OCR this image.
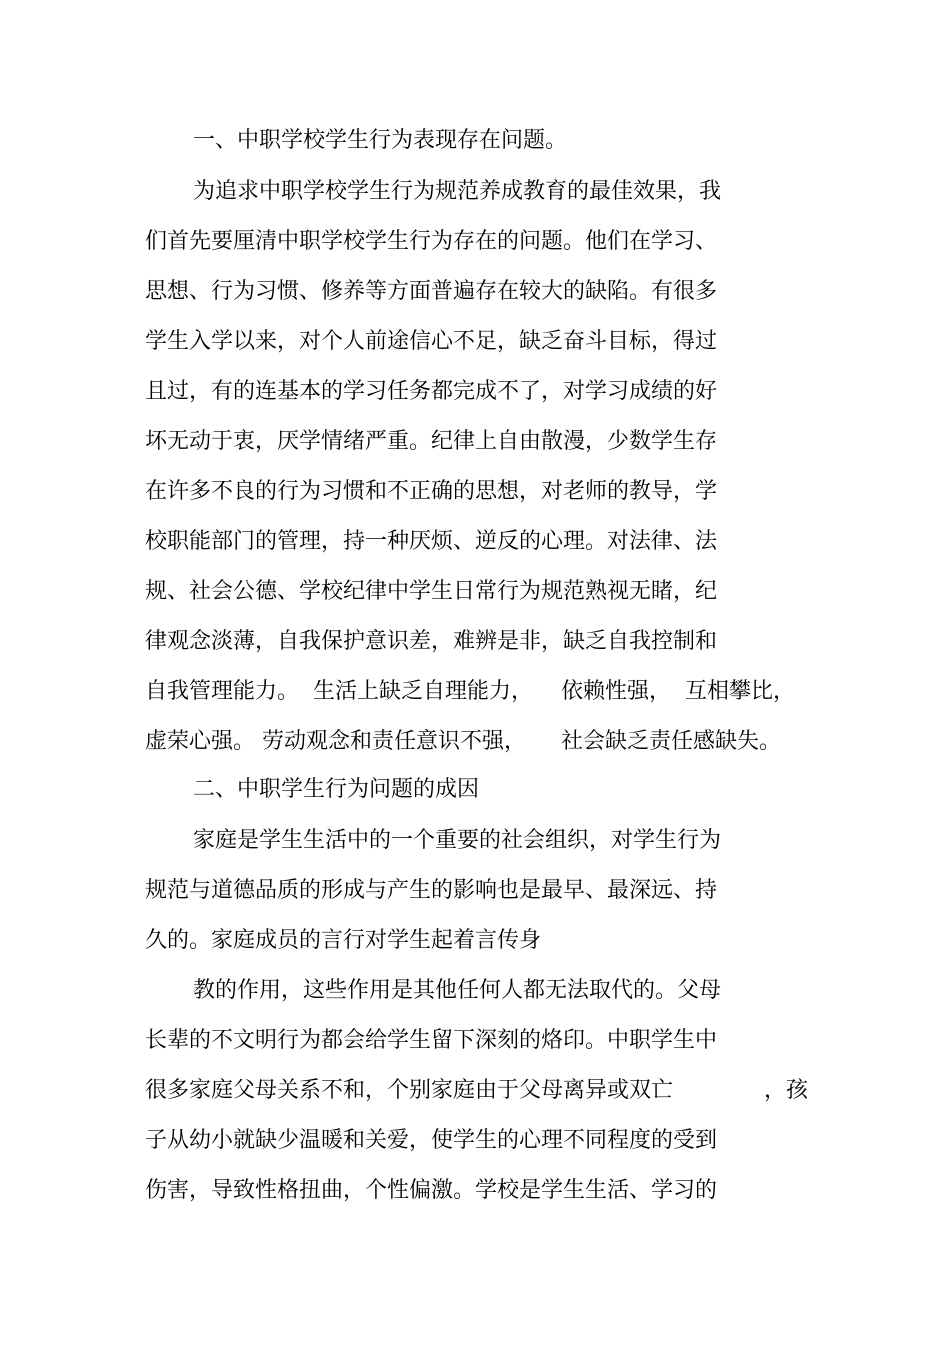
一、中职学校学生行为表现存在问题。
为追求中职学校学生行为规范养成教育的最佳效果，我
们首先要厘清中职学校学生行为存在的问题。他们在学习、
思想、行为习惯、修养等方面普遍存在较大的缺陷。有很多
学生入学以来，对个人前途信心不足，缺乏奋斗目标，得过
且过，有的连基本的学习任务都完成不了，对学习成绩的好
坏无动于衷，厌学情绪严重。纪律上自由散漫，少数学生存
在许多不良的行为习惯和不正确的思想，对老师的教导，学
校职能部门的管理，持一种厌烦、逆反的心理。对法律、法
规、社会公德、学校纪律中学生日常行为规范熟视无睹，纪
律观念淡薄，自我保护意识差，难辨是非，缺乏自我控制和
自我管理能力。  生活上缺乏自理能力，    依赖性强，  互相攀比，
虚荣心强。 劳动观念和责任意识不强，     社会缺乏责任感缺失。
二、中职学生行为问题的成因
家庭是学生生活中的一个重要的社会组织，对学生行为
规范与道德品质的形成与产生的影响也是最早、最深远、持
久的。家庭成员的言行对学生起着言传身
教的作用，这些作用是其他任何人都无法取代的。父母
长辈的不文明行为都会给学生留下深刻的烙印。中职学生中
很多家庭父母关系不和，个别家庭由于父母离异或双亡	，孩
子从幼小就缺少温暖和关爱，使学生的心理不同程度的受到
伤害，导致性格扭曲，个性偏激。学校是学生生活、学习的
